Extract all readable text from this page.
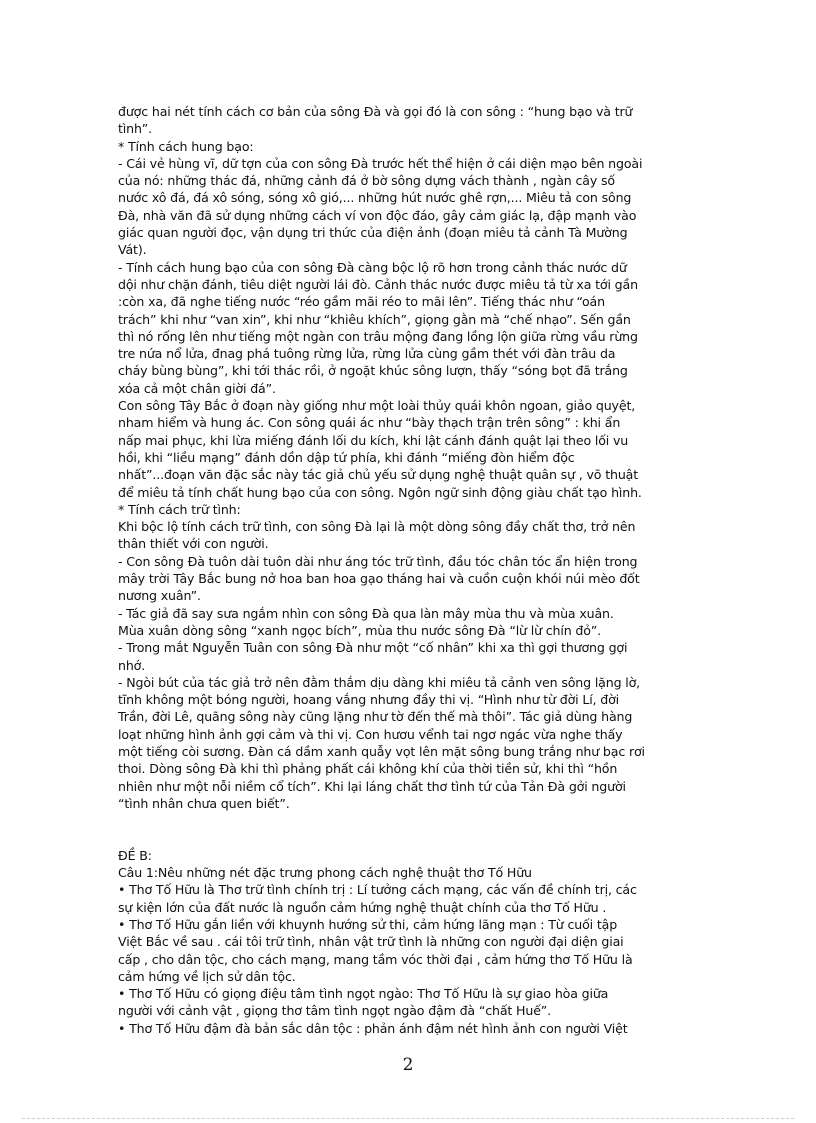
được hai nét tính cách cơ bản của sông Đà và gọi đó là con sông : “hung bạo và trữ

tình”.

* Tính cách hung bạo:

- Cái vẻ hùng vĩ, dữ tợn của con sông Đà trước hết thể hiện ở cái diện mạo bên ngoài

của nó: những thác đá, những cảnh đá ở bờ sông dựng vách thành , ngàn cây số

nước xô đá, đá xô sóng, sóng xô gió,... những hút nước ghê rợn,... Miêu tả con sông

Đà, nhà văn đã sử dụng những cách ví von độc đáo, gây cảm giác lạ, đập mạnh vào

giác quan người đọc, vận dụng tri thức của điện ảnh (đoạn miêu tả cảnh Tà Mường

Vát).

- Tính cách hung bạo của con sông Đà càng bộc lộ rõ hơn trong cảnh thác nước dữ

dội như chặn đánh, tiêu diệt người lái đò. Cảnh thác nước được miêu tả từ xa tới gần

:còn xa, đã nghe tiếng nước “réo gầm mãi réo to mãi lên”. Tiếng thác như “oán

trách” khi như “van xin”, khi như “khiêu khích”, giọng gằn mà “chế nhạo”. Sến gần

thì nó rống lên như tiếng một ngàn con trâu mộng đang lồng lộn giữa rừng vầu rừng

tre nứa nổ lửa, đnag phá tuông rừng lửa, rừng lửa cùng gầm thét với đàn trâu da

cháy bùng bùng”, khi tới thác rồi, ở ngoặt khúc sông lượn, thấy “sóng bọt đã trắng

xóa cả một chân giời đá”.

Con sông Tây Bắc ở đoạn này giống như một loài thủy quái khôn ngoan, giảo quyệt,

nham hiểm và hung ác. Con sông quái ác như “bày thạch trận trên sông” : khi ẩn

nấp mai phục, khi lừa miếng đánh lối du kích, khi lật cánh đánh quật lại theo lối vu

hồi, khi “liều mạng” đánh dồn dập tứ phía, khi đánh “miếng đòn hiểm độc

nhất”...đoạn văn đặc sắc này tác giả chủ yếu sử dụng nghệ thuật quân sự , võ thuật

để miêu tả tính chất hung bạo của con sông. Ngôn ngữ sinh động giàu chất tạo hình.

* Tính cách trữ tình:

Khi bộc lộ tính cách trữ tình, con sông Đà lại là một dòng sông đầy chất thơ, trở nên

thân thiết với con người.

- Con sông Đà tuôn dài tuôn dài như áng tóc trữ tình, đầu tóc chân tóc ẩn hiện trong

mây trời Tây Bắc bung nở hoa ban hoa gạo tháng hai và cuồn cuộn khói núi mèo đốt

nương xuân”.

- Tác giả đã say sưa ngắm nhìn con sông Đà qua làn mây mùa thu và mùa xuân.

Mùa xuân dòng sông “xanh ngọc bích”, mùa thu nước sông Đà “lừ lừ chín đỏ”.

- Trong mắt Nguyễn Tuân con sông Đà như một “cố nhân” khi xa thì gợi thương gợi

nhớ.

- Ngòi bút của tác giả trở nên đằm thắm dịu dàng khi miêu tả cảnh ven sông lặng lờ,

tĩnh không một bóng người, hoang vắng nhưng đầy thi vị. “Hình như từ đời Lí, đời

Trần, đời Lê, quãng sông này cũng lặng như tờ đến thế mà thôi”. Tác giả dùng hàng

loạt những hình ảnh gợi cảm và thi vị. Con hươu vểnh tai ngơ ngác vừa nghe thấy

một tiếng còi sương. Đàn cá dầm xanh quẫy vọt lên mặt sông bung trắng như bạc rơi

thoi. Dòng sông Đà khi thì phảng phất cái không khí của thời tiền sử, khi thì “hồn

nhiên như một nỗi niềm cổ tích”. Khi lại láng chất thơ tình tứ của Tản Đà gởi người

“tình nhân chưa quen biết”.

ĐỀ B:

Câu 1:Nêu những nét đặc trưng phong cách nghệ thuật thơ Tố Hữu

• Thơ Tố Hữu là Thơ trữ tình chính trị : Lí tưởng cách mạng, các vấn đề chính trị, các

sự kiện lớn của đất nước là nguồn cảm hứng nghệ thuật chính của thơ Tố Hữu .

• Thơ Tố Hữu gắn liền với khuynh hướng sử thi, cảm hứng lãng mạn : Từ cuối tập

Việt Bắc về sau . cái tôi trữ tình, nhân vật trữ tình là những con người đại diện giai

cấp , cho dân tộc, cho cách mạng, mang tầm vóc thời đại , cảm hứng thơ Tố Hữu là

cảm hứng về lịch sử dân tộc.

• Thơ Tố Hữu có giọng điệu tâm tình ngọt ngào: Thơ Tố Hữu là sự giao hòa giữa

người với cảnh vật , giọng thơ tâm tình ngọt ngào đậm đà “chất Huế”.

• Thơ Tố Hữu đậm đà bản sắc dân tộc : phản ánh đậm nét hình ảnh con người Việt

2
